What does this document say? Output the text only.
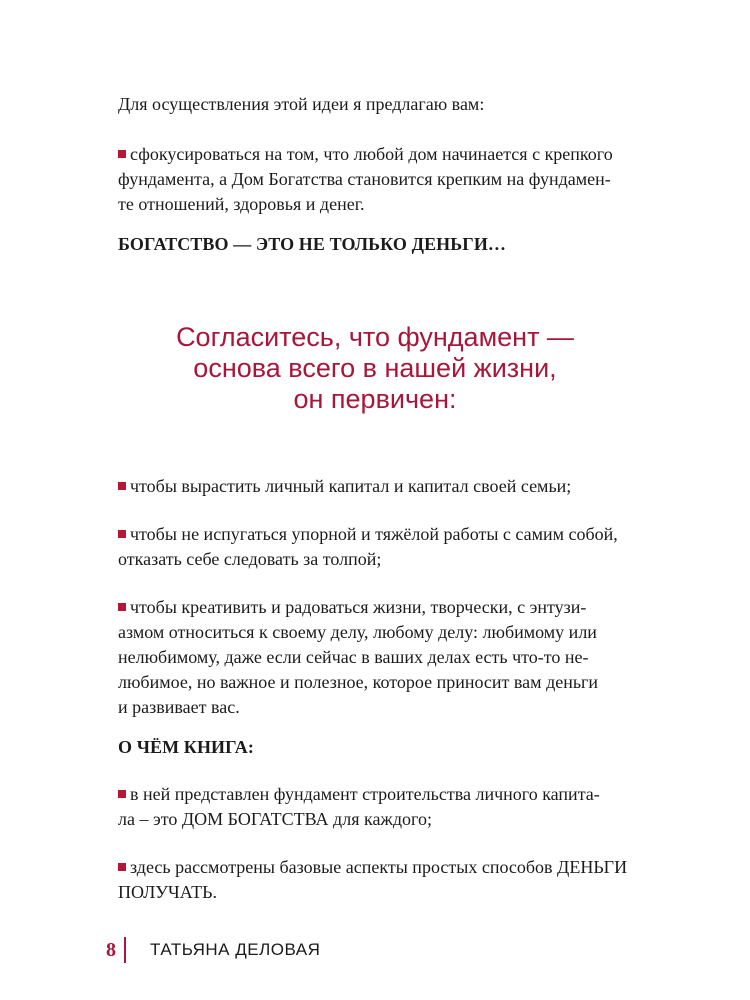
Для осуществления этой идеи я предлагаю вам:

сфокусироваться на том, что любой дом начинается с крепкого
фундамента, а Дом Богатства становится крепким на фундамен-
те отношений, здоровья и денег.

БОГАТСТВО — ЭТО НЕ ТОЛЬКО ДЕНЬГИ…

Согласитесь, что фундамент —
основа всего в нашей жизни,
он первичен:
чтобы вырастить личный капитал и капитал своей семьи;
чтобы не испугаться упорной и тяжёлой работы с самим собой,
отказать себе следовать за толпой;
чтобы креативить и радоваться жизни, творчески, с энтузи-
азмом относиться к своему делу, любому делу: любимому или
нелюбимому, даже если сейчас в ваших делах есть что-то не-
любимое, но важное и полезное, которое приносит вам деньги
и развивает вас.

О ЧЁМ КНИГА:

в ней представлен фундамент строительства личного капита-
ла – это ДОМ БОГАТСТВА для каждого;
здесь рассмотрены базовые аспекты простых способов ДЕНЬГИ
ПОЛУЧАТЬ.
8 ТАТЬЯНА ДЕЛОВАЯ
